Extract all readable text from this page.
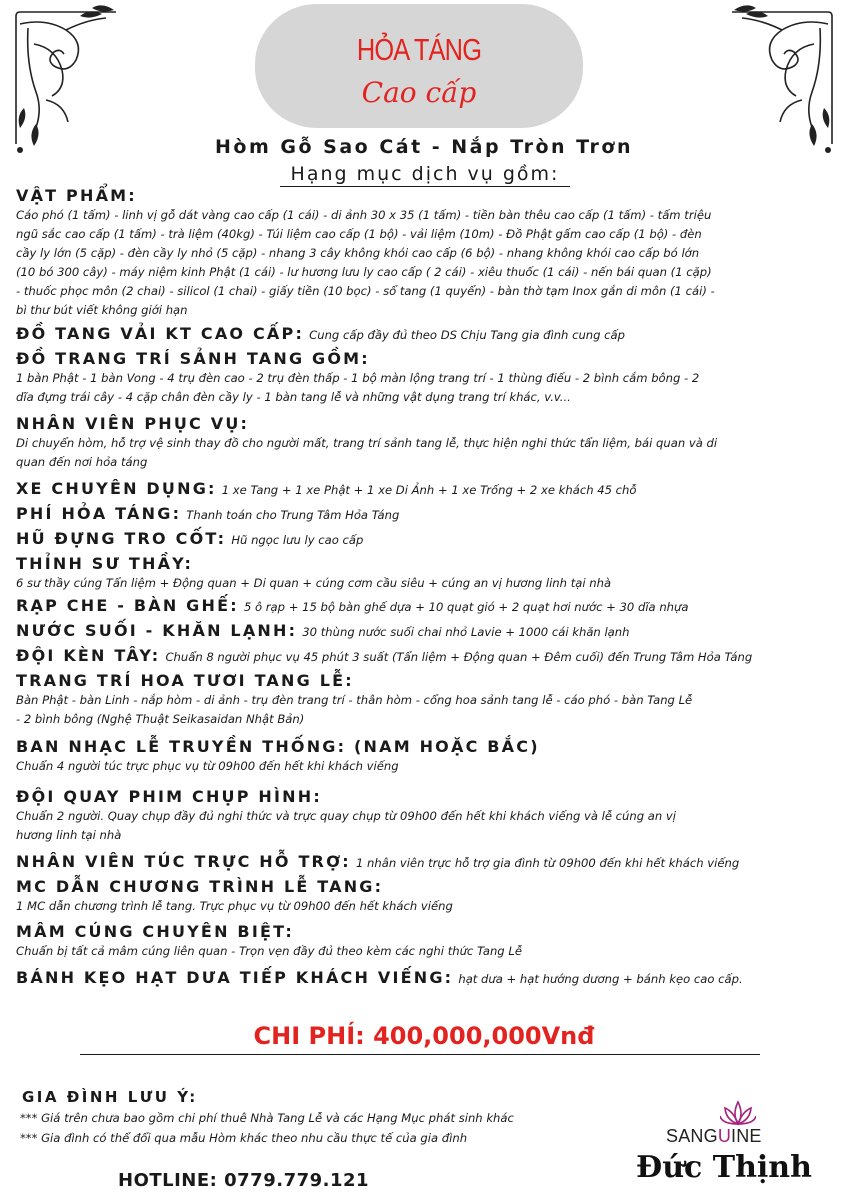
HỎA TÁNG
Cao cấp
Hòm Gỗ Sao Cát - Nắp Tròn Trơn
Hạng mục dịch vụ gồm:
VẬT PHẨM:
Cáo phó (1 tấm) - linh vị gỗ dát vàng cao cấp (1 cái) - di ảnh 30 x 35 (1 tấm) - tiền bàn thêu cao cấp (1 tấm) - tấm triệu
ngũ sắc cao cấp (1 tấm) - trà liệm (40kg) - Túi liệm cao cấp (1 bộ) - vải liệm (10m) - Đồ Phật gấm cao cấp (1 bộ) - đèn
cầy ly lớn (5 cặp) - đèn cầy ly nhỏ (5 cặp) - nhang 3 cây không khói cao cấp (6 bộ) - nhang không khói cao cấp bó lớn
(10 bó 300 cây) - máy niệm kinh Phật (1 cái) - lư hương lưu ly cao cấp ( 2 cái) - xiêu thuốc (1 cái) - nến bái quan (1 cặp)
- thuốc phọc môn (2 chai) - silicol (1 chai) - giấy tiền (10 bọc) - sổ tang (1 quyển) - bàn thờ tạm Inox gắn di môn (1 cái) -
bì thư bút viết không giới hạn
ĐỒ TANG VẢI KT CAO CẤP: Cung cấp đầy đủ theo DS Chịu Tang gia đình cung cấp
ĐỒ TRANG TRÍ SẢNH TANG GỒM:
1 bàn Phật - 1 bàn Vong - 4 trụ đèn cao - 2 trụ đèn thấp - 1 bộ màn lộng trang trí - 1 thùng điếu - 2 bình cắm bông - 2
dĩa đựng trái cây - 4 cặp chân đèn cầy ly - 1 bàn tang lễ và những vật dụng trang trí khác, v.v...
NHÂN VIÊN PHỤC VỤ:
Di chuyển hòm, hỗ trợ vệ sinh thay đồ cho người mất, trang trí sảnh tang lễ, thực hiện nghi thức tẩn liệm, bái quan và di
quan đến nơi hỏa táng
XE CHUYÊN DỤNG: 1 xe Tang + 1 xe Phật + 1 xe Di Ảnh + 1 xe Trống + 2 xe khách 45 chỗ
PHÍ HỎA TÁNG: Thanh toán cho Trung Tâm Hỏa Táng
HŨ ĐỰNG TRO CỐT: Hũ ngọc lưu ly cao cấp
THỈNH SƯ THẦY:
6 sư thầy cúng Tẩn liệm + Động quan + Di quan + cúng cơm cầu siêu + cúng an vị hương linh tại nhà
RẠP CHE - BÀN GHẾ: 5 ô rạp + 15 bộ bàn ghế dựa + 10 quạt gió + 2 quạt hơi nước + 30 dĩa nhựa
NƯỚC SUỐI - KHĂN LẠNH: 30 thùng nước suối chai nhỏ Lavie + 1000 cái khăn lạnh
ĐỘI KÈN TÂY: Chuẩn 8 người phục vụ 45 phút 3 suất (Tẩn liệm + Động quan + Đêm cuối) đến Trung Tâm Hỏa Táng
TRANG TRÍ HOA TƯƠI TANG LỄ:
Bàn Phật - bàn Linh - nắp hòm - di ảnh - trụ đèn trang trí - thân hòm - cổng hoa sảnh tang lễ - cáo phó - bàn Tang Lễ
- 2 bình bông (Nghệ Thuật Seikasaidan Nhật Bản)
BAN NHẠC LỄ TRUYỀN THỐNG: (NAM HOẶC BẮC)
Chuẩn 4 người túc trực phục vụ từ 09h00 đến hết khi khách viếng
ĐỘI QUAY PHIM CHỤP HÌNH:
Chuẩn 2 người. Quay chụp đầy đủ nghi thức và trực quay chụp từ 09h00 đến hết khi khách viếng và lễ cúng an vị
hương linh tại nhà
NHÂN VIÊN TÚC TRỰC HỖ TRỢ: 1 nhân viên trực hỗ trợ gia đình từ 09h00 đến khi hết khách viếng
MC DẪN CHƯƠNG TRÌNH LỄ TANG:
1 MC dẫn chương trình lễ tang. Trực phục vụ từ 09h00 đến hết khách viếng
MÂM CÚNG CHUYÊN BIỆT:
Chuẩn bị tất cả mâm cúng liên quan - Trọn vẹn đầy đủ theo kèm các nghi thức Tang Lễ
BÁNH KẸO HẠT DƯA TIẾP KHÁCH VIẾNG: hạt dưa + hạt hướng dương + bánh kẹo cao cấp.
CHI PHÍ: 400,000,000Vnđ
GIA ĐÌNH LƯU Ý:
*** Giá trên chưa bao gồm chi phí thuê Nhà Tang Lễ và các Hạng Mục phát sinh khác
*** Gia đình có thể đổi qua mẫu Hòm khác theo nhu cầu thực tế của gia đình
HOTLINE: 0779.779.121
SANGUINE
Đức Thịnh
